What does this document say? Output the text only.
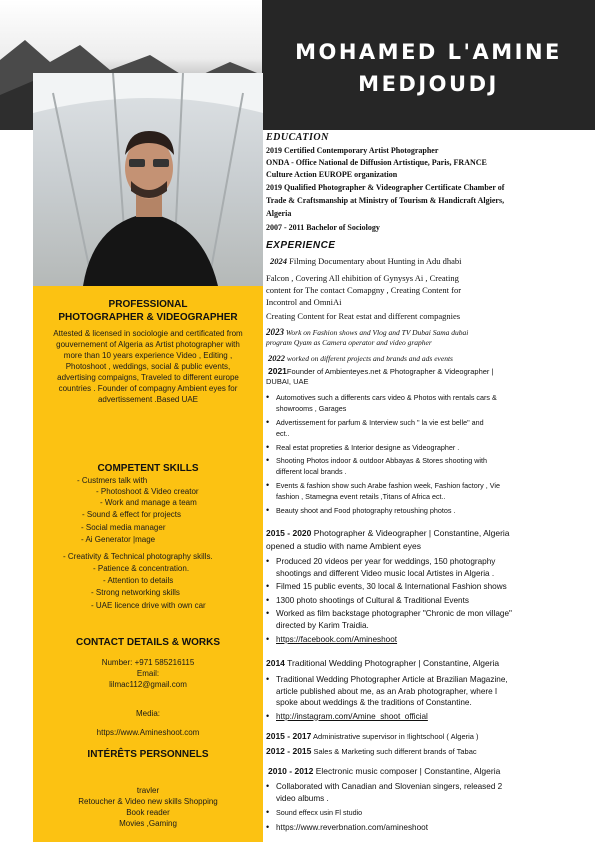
MOHAMED L'AMINE
MEDJOUDJ
PROFESSIONAL
PHOTOGRAPHER & VIDEOGRAPHER
Attested & licensed in sociologie and certificated from
gouvernement of Algeria as Artist photographer with
more than 10 years experience Video , Editing ,
Photoshoot , weddings, social & public events,
advertising compaigns, Traveled to different europe
countries . Founder of compagny Ambient eyes for
advertissement .Based UAE
COMPETENT SKILLS
- Custmers talk with
- Photoshoot & Video creator
- Work and manage a team
- Sound & effect for projects
- Social media manager
- Ai Generator |mage
- Creativity & Technical photography skills.
- Patience & concentration.
- Attention to details
- Strong networking skills
- UAE licence drive with own car
CONTACT DETAILS & WORKS
Number: +971 585216115
Email:
lilmac112@gmail.com
Media:
https://www.Amineshoot.com
INTÉRÊTS PERSONNELS
travler
Retoucher & Video new skills Shopping
Book reader
Movies ,Gaming
EDUCATION
2019 Certified Contemporary Artist Photographer
ONDA - Office National de Diffusion Artistique, Paris, FRANCE
Culture Action EUROPE organization
2019 Qualified Photographer & Videographer Certificate Chamber of
Trade & Craftsmanship at Ministry of Tourism & Handicraft Algiers,
Algeria
2007 - 2011 Bachelor of Sociology
EXPERIENCE
2024 Filming Documentary about Hunting in Adu dhabi
Falcon , Covering All ehibition of Gynysys Ai , Creating
content for The contact Comapgny , Creating Content for
Incontrol and OmniAi
Creating Content for Reat estat and different compagnies
2023 Work on Fashion shows and Vlog and TV Dubai Sama dubai
program Qyam as Camera operator and video grapher
2022 worked on different projects and brands and ads events
2021Founder of Ambienteyes.net & Photographer & Videographer |
DUBAI, UAE
• Automotives such a differents cars video & Photos with rentals cars &
showrooms , Garages
• Advertissement for parfum & Interview such " la vie est belle" and
ect..
• Real estat propreties & Interior designe as Videographer .
• Shooting Photos indoor & outdoor Abbayas & Stores shooting with
different local brands .
• Events & fashion show such Arabe fashion week, Fashion factory , Vie
fashion , Stamegna event retails ,Titans of Africa ect..
• Beauty shoot and Food photography retoushing photos .
2015 - 2020 Photographer & Videographer | Constantine, Algeria
opened a studio with name Ambient eyes
• Produced 20 videos per year for weddings, 150 photography
shootings and different Video music local Artistes in Algeria .
• Filmed 15 public events, 30 local & International Fashion shows
• 1300 photo shootings of Cultural & Traditional Events
• Worked as film backstage photographer "Chronic de mon village"
directed by Karim Traidia.
• https://facebook.com/Amineshoot
2014 Traditional Wedding Photographer | Constantine, Algeria
• Traditional Wedding Photographer Article at Brazilian Magazine,
article published about me, as an Arab photographer, where I
spoke about weddings & the traditions of Constantine.
• http://instagram.com/Amine_shoot_official
2015 - 2017 Administrative supervisor in !lightschool ( Algeria )
2012 - 2015 Sales & Marketing such different brands of Tabac
2010 - 2012 Electronic music composer | Constantine, Algeria
• Collaborated with Canadian and Slovenian singers, released 2
video albums .
• Sound effecx usin Fl studio
• https://www.reverbnation.com/amineshoot
